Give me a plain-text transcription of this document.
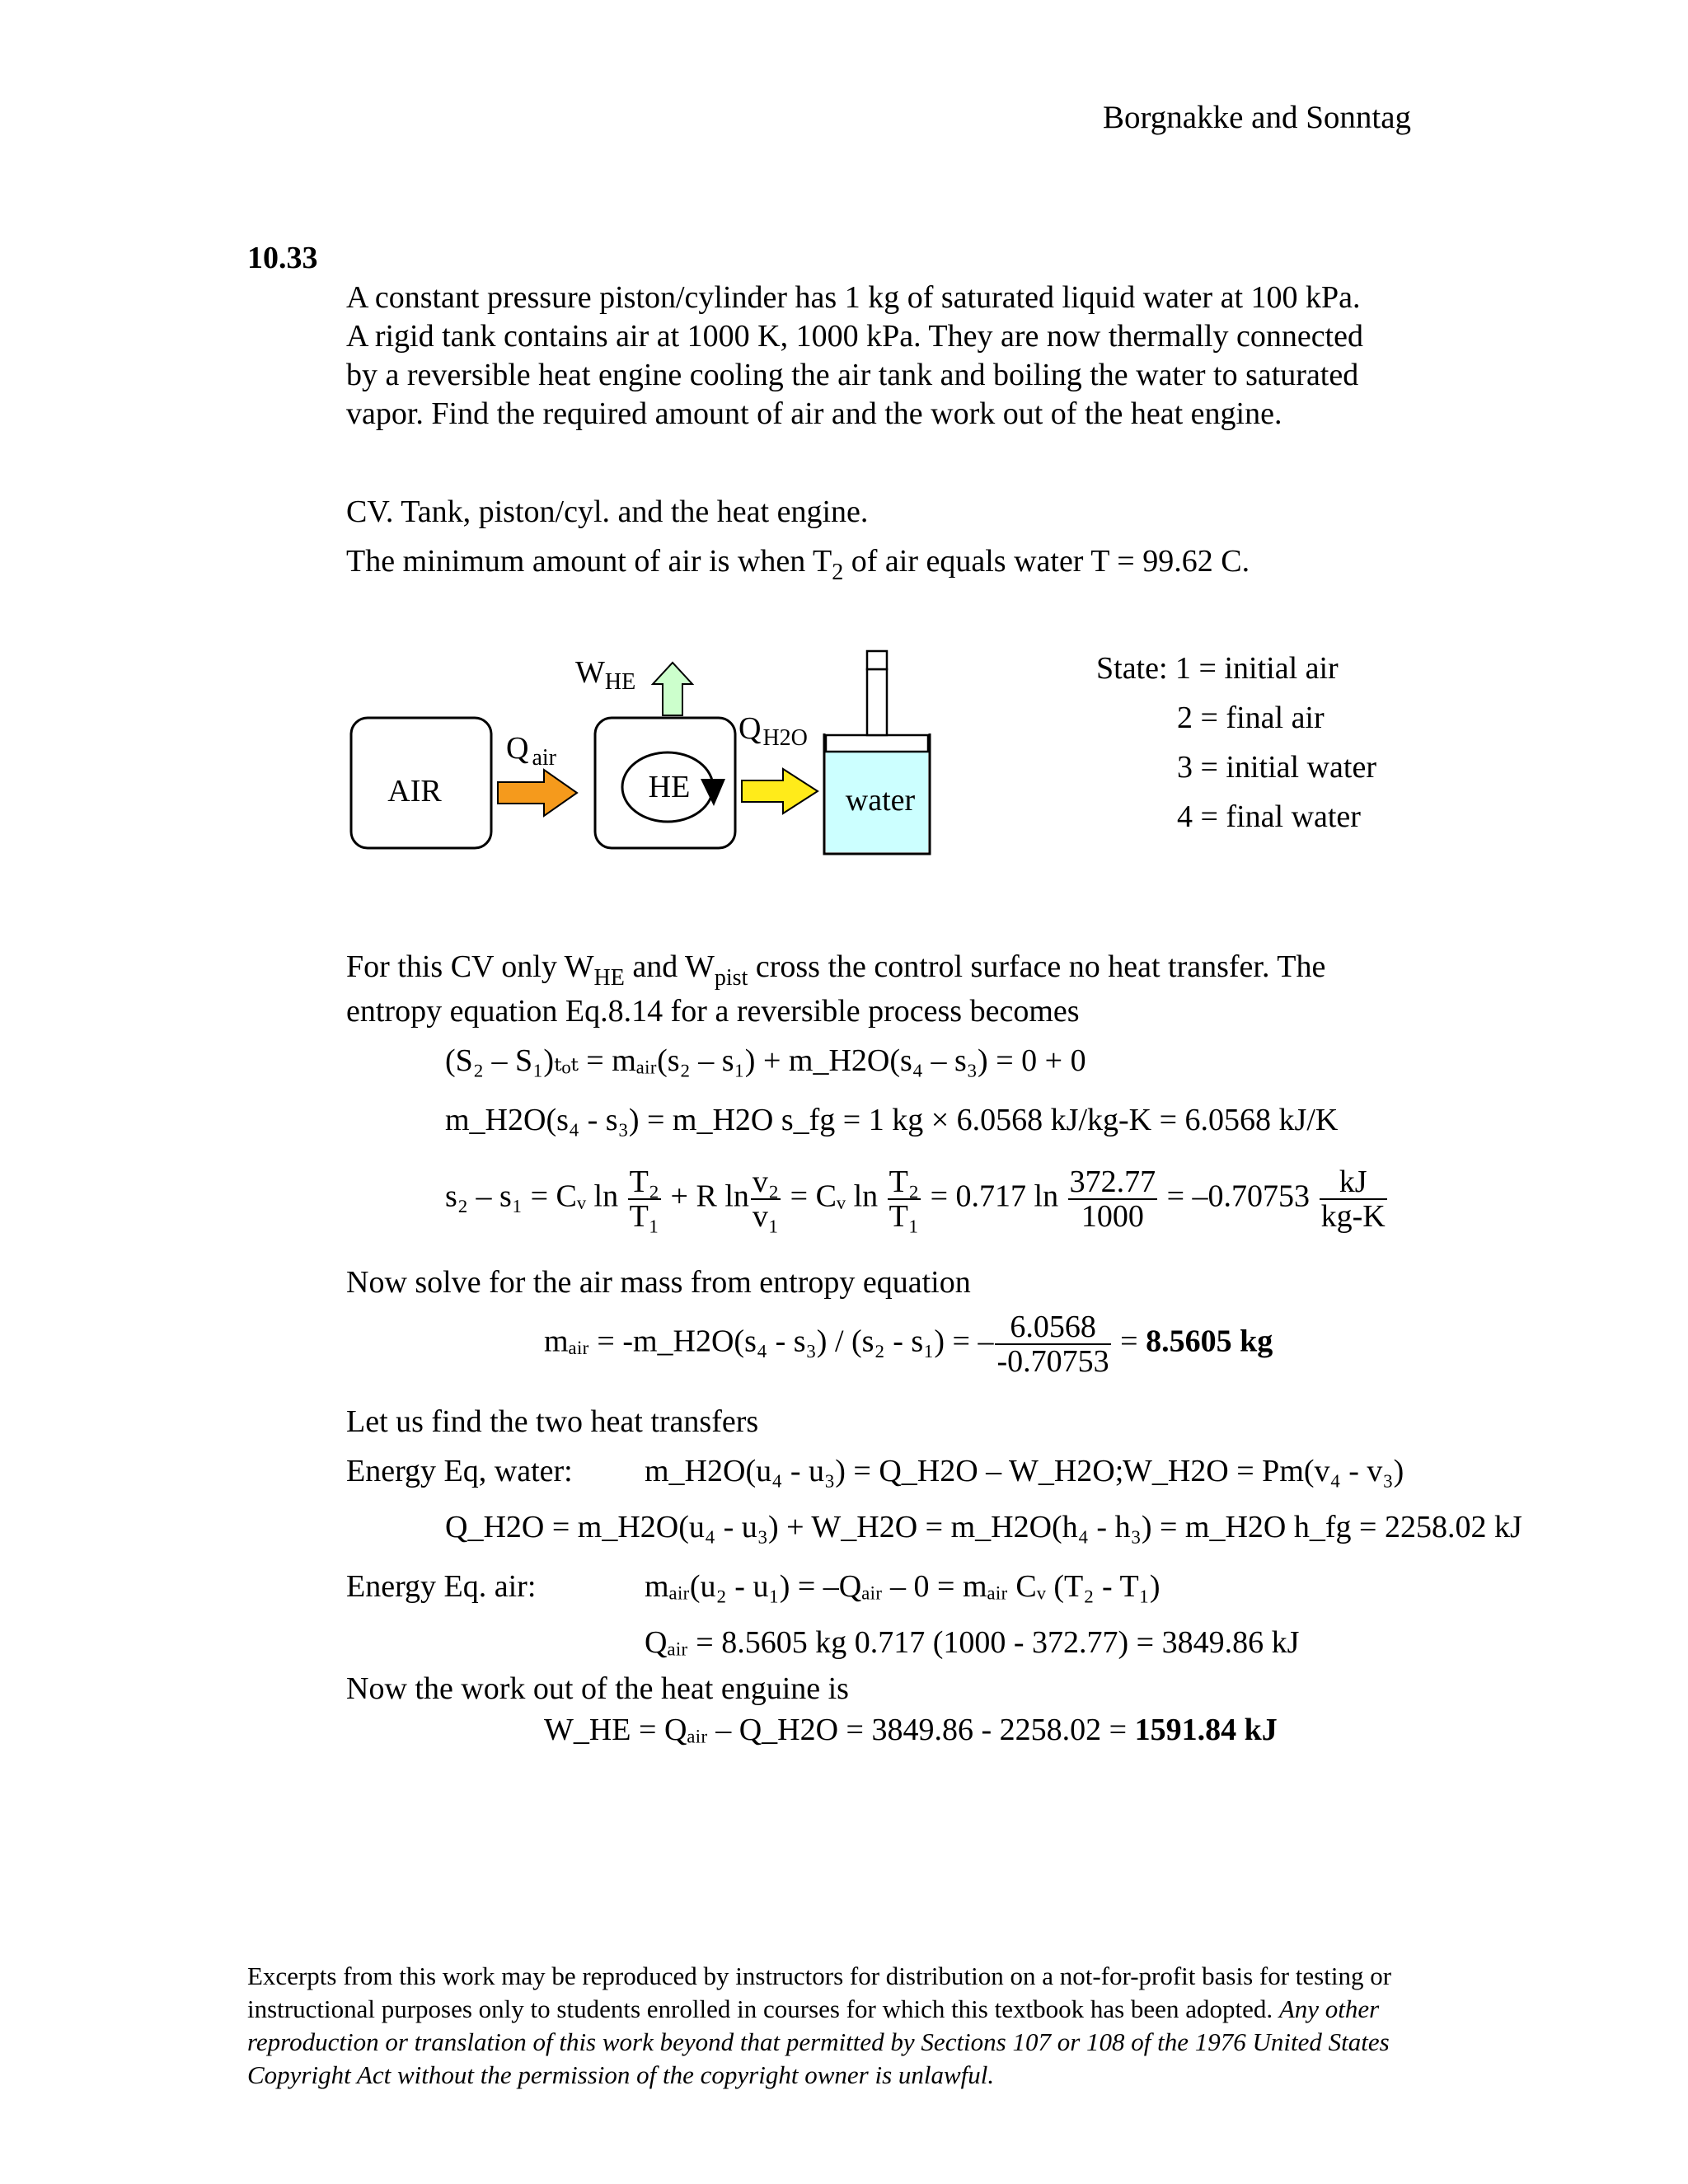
Borgnakke and Sonntag
10.33
A constant pressure piston/cylinder has 1 kg of saturated liquid water at 100 kPa.
A rigid tank contains air at 1000 K, 1000 kPa. They are now thermally connected
by a reversible heat engine cooling the air tank and boiling the water to saturated
vapor. Find the required amount of air and the work out of the heat engine.
CV. Tank, piston/cyl. and the heat engine.
The minimum amount of air is when $T_2$ of air equals water T = 99.62 C.
AIR
Q $_{air}$
HE
$W_{HE}$
$Q_{H2O}$
water
State: 1 = initial air
2 = final air
3 = initial water
4 = final water
For this CV only $W_{HE}$ and $W_{pist}$ cross the control surface no heat transfer. The
entropy equation Eq.8.14 for a reversible process becomes
(S₂ – S₁)ₜₒₜ = mₐᵢᵣ(s₂ – s₁) + m_H2O(s₄ – s₃) = 0 + 0
m_H2O(s₄ - s₃) = m_H2O s_fg = 1 kg × 6.0568 kJ/kg-K = 6.0568 kJ/K
s₂ – s₁ = Cᵥ $\ln \frac{\text{T₂}}{\text{T₁}} + R$ $\ln \frac{\text{v₂}}{\text{v₁}}$ = Cᵥ $\ln \frac{\text{T₂}}{\text{T₁}} = 0.717$ $\ln \frac{372.77}{1000} = -0.70753 \frac{kJ}{kg-K}$
Now solve for the air mass from entropy equation
mₐᵢᵣ = -m_H2O(s₄ - s₃) / (s₂ - s₁) = – $\frac{6.0568}{-0.70753} = 8.5605$ kg
Let us find the two heat transfers
Energy Eq, water: m_H2O(u₄ - u₃) = Q_H2O – W_H2O;
W_H2O = Pm(v₄ - v₃)
Q_H2O = m_H2O(u₄ - u₃) + W_H2O = m_H2O(h₄ - h₃) = m_H2O h_fg = 2258.02 kJ
Energy Eq. air:	mₐᵢᵣ(u₂ - u₁) = –Qₐᵢᵣ – 0 = mₐᵢᵣ Cᵥ (T₂ - T₁)
Qₐᵢᵣ = 8.5605 kg 0.717 (1000 - 372.77) = 3849.86 kJ
Now the work out of the heat enguine is
W_HE = Qₐᵢᵣ – Q_H2O = 3849.86 - 2258.02 = 1591.84 kJ
Excerpts from this work may be reproduced by instructors for distribution on a not-for-profit basis for testing or instructional purposes only to students enrolled in courses for which this textbook has been adopted. Any other reproduction or translation of this work beyond that permitted by Sections 107 or 108 of the 1976 United States Copyright Act without the permission of the copyright owner is unlawful.
